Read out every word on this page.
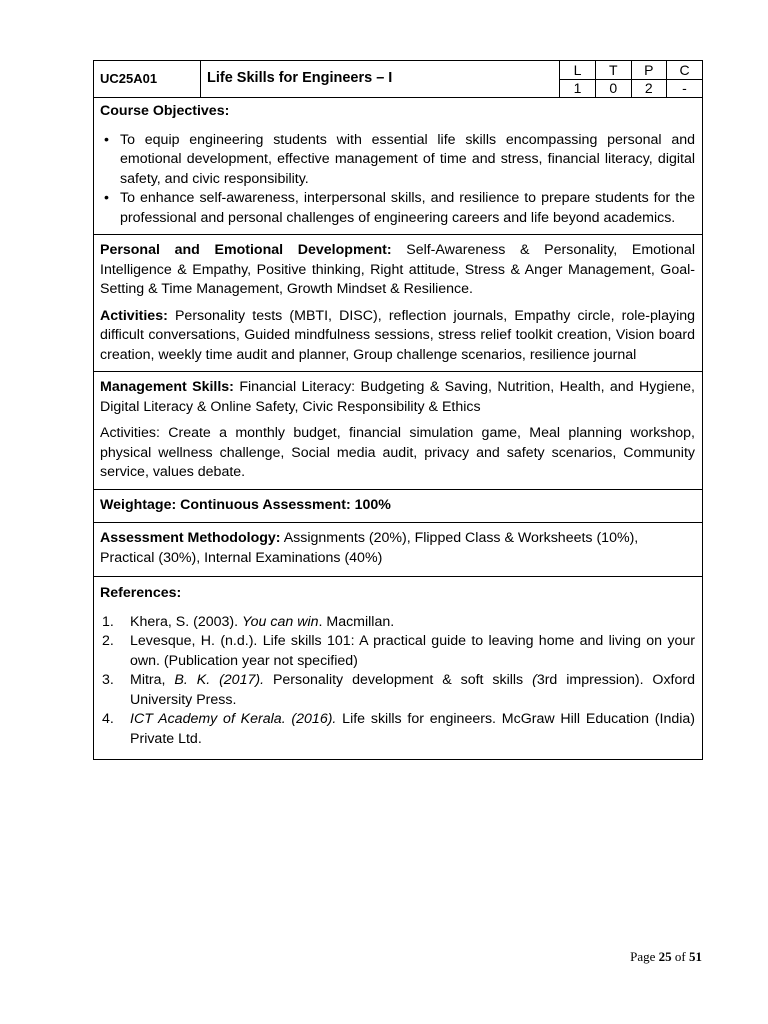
UC25A01	Life Skills for Engineers – I	
L	T	P	C
1	0	2	-

Course Objectives:
• To equip engineering students with essential life skills encompassing personal and emotional development, effective management of time and stress, financial literacy, digital safety, and civic responsibility.
• To enhance self-awareness, interpersonal skills, and resilience to prepare students for the professional and personal challenges of engineering careers and life beyond academics.

Personal and Emotional Development: Self-Awareness & Personality, Emotional Intelligence & Empathy, Positive thinking, Right attitude, Stress & Anger Management, Goal-Setting & Time Management, Growth Mindset & Resilience.

Activities: Personality tests (MBTI, DISC), reflection journals, Empathy circle, role-playing difficult conversations, Guided mindfulness sessions, stress relief toolkit creation, Vision board creation, weekly time audit and planner, Group challenge scenarios, resilience journal

Management Skills: Financial Literacy: Budgeting & Saving, Nutrition, Health, and Hygiene, Digital Literacy & Online Safety, Civic Responsibility & Ethics

Activities: Create a monthly budget, financial simulation game, Meal planning workshop, physical wellness challenge, Social media audit, privacy and safety scenarios, Community service, values debate.

Weightage: Continuous Assessment: 100%

Assessment Methodology: Assignments (20%), Flipped Class & Worksheets (10%), Practical (30%), Internal Examinations (40%)

References:
1. Khera, S. (2003). You can win. Macmillan.
2. Levesque, H. (n.d.). Life skills 101: A practical guide to leaving home and living on your own. (Publication year not specified)
3. Mitra, B. K. (2017). Personality development & soft skills (3rd impression). Oxford University Press.
4. ICT Academy of Kerala. (2016). Life skills for engineers. McGraw Hill Education (India) Private Ltd.
Page 25 of 51
